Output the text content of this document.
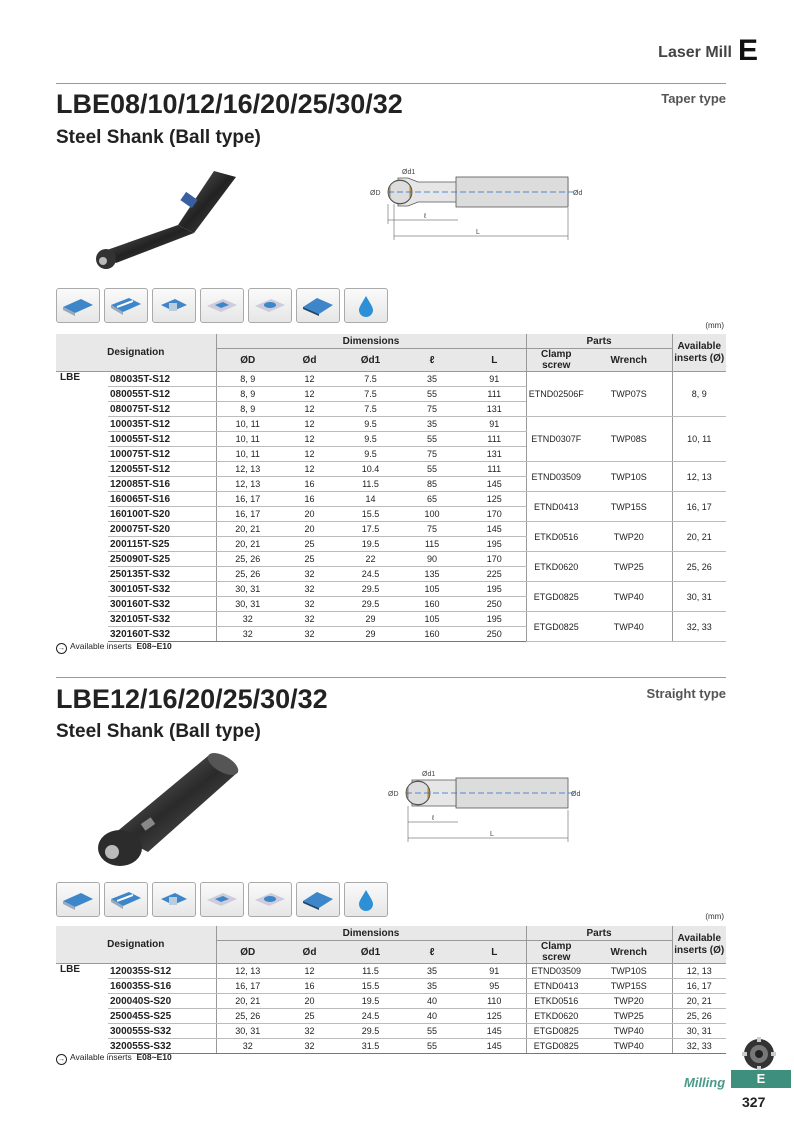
Laser Mill E
LBE08/10/12/16/20/25/30/32	Taper type
Steel Shank (Ball type)
ØD
Ød1
Ød
ℓ
L
(mm)
Designation		Dimensions					Parts		Available inserts (Ø)
		ØD	Ød	Ød1	ℓ	L	Clamp screw	Wrench	
LBE	080035T-S12	8, 9	12	7.5	35	91	ETND02506F	TWP07S	8, 9
	080055T-S12	8, 9	12	7.5	55	111			
	080075T-S12	8, 9	12	7.5	75	131			
	100035T-S12	10, 11	12	9.5	35	91	ETND0307F	TWP08S	10, 11
	100055T-S12	10, 11	12	9.5	55	111			
	100075T-S12	10, 11	12	9.5	75	131			
	120055T-S12	12, 13	12	10.4	55	111	ETND03509	TWP10S	12, 13
	120085T-S16	12, 13	16	11.5	85	145			
	160065T-S16	16, 17	16	14	65	125	ETND0413	TWP15S	16, 17
	160100T-S20	16, 17	20	15.5	100	170			
	200075T-S20	20, 21	20	17.5	75	145	ETKD0516	TWP20	20, 21
	200115T-S25	20, 21	25	19.5	115	195			
	250090T-S25	25, 26	25	22	90	170	ETKD0620	TWP25	25, 26
	250135T-S32	25, 26	32	24.5	135	225			
	300105T-S32	30, 31	32	29.5	105	195	ETGD0825	TWP40	30, 31
	300160T-S32	30, 31	32	29.5	160	250			
	320105T-S32	32	32	29	105	195	ETGD0825	TWP40	32, 33
	320160T-S32	32	32	29	160	250			
→ Available inserts E08~E10
LBE12/16/20/25/30/32	Straight type
Steel Shank (Ball type)
ØD
Ød1
Ød
ℓ
L
(mm)
Designation		Dimensions					Parts		Available inserts (Ø)
		ØD	Ød	Ød1	ℓ	L	Clamp screw	Wrench	
LBE	120035S-S12	12, 13	12	11.5	35	91	ETND03509	TWP10S	12, 13
	160035S-S16	16, 17	16	15.5	35	95	ETND0413	TWP15S	16, 17
	200040S-S20	20, 21	20	19.5	40	110	ETKD0516	TWP20	20, 21
	250045S-S25	25, 26	25	24.5	40	125	ETKD0620	TWP25	25, 26
	300055S-S32	30, 31	32	29.5	55	145	ETGD0825	TWP40	30, 31
	320055S-S32	32	32	31.5	55	145	ETGD0825	TWP40	32, 33
→ Available inserts E08~E10
Milling	E
327
